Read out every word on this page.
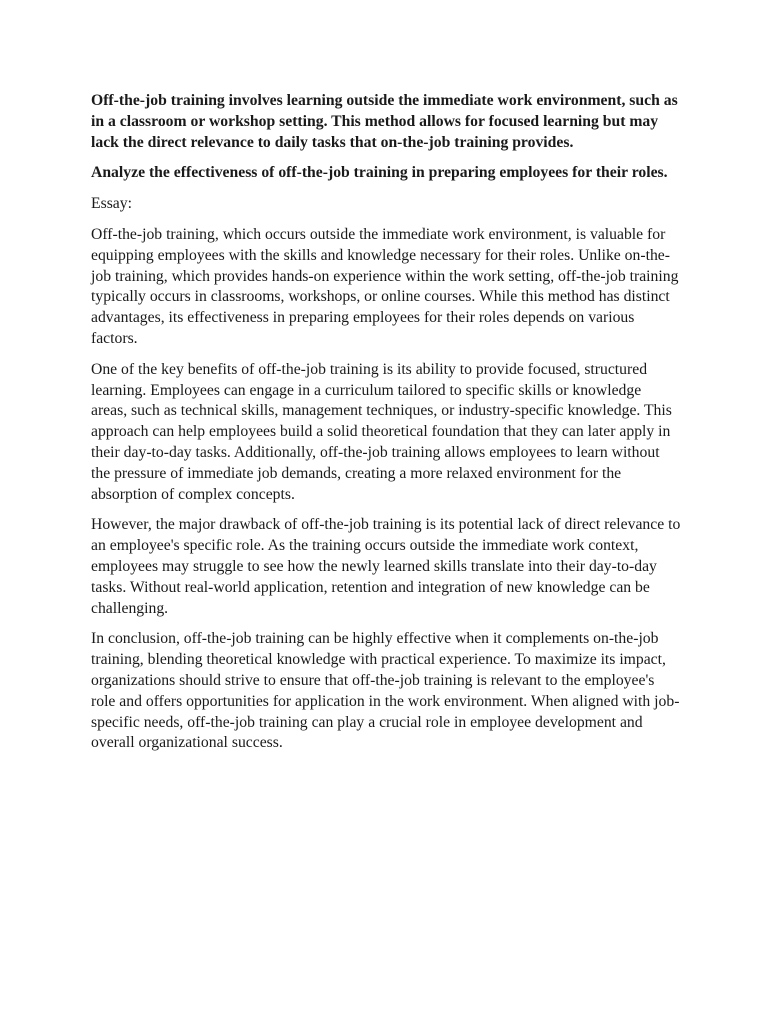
Off-the-job training involves learning outside the immediate work environment, such as in a classroom or workshop setting. This method allows for focused learning but may lack the direct relevance to daily tasks that on-the-job training provides.

Analyze the effectiveness of off-the-job training in preparing employees for their roles.

Essay:

Off-the-job training, which occurs outside the immediate work environment, is valuable for equipping employees with the skills and knowledge necessary for their roles. Unlike on-the-job training, which provides hands-on experience within the work setting, off-the-job training typically occurs in classrooms, workshops, or online courses. While this method has distinct advantages, its effectiveness in preparing employees for their roles depends on various factors.

One of the key benefits of off-the-job training is its ability to provide focused, structured learning. Employees can engage in a curriculum tailored to specific skills or knowledge areas, such as technical skills, management techniques, or industry-specific knowledge. This approach can help employees build a solid theoretical foundation that they can later apply in their day-to-day tasks. Additionally, off-the-job training allows employees to learn without the pressure of immediate job demands, creating a more relaxed environment for the absorption of complex concepts.

However, the major drawback of off-the-job training is its potential lack of direct relevance to an employee's specific role. As the training occurs outside the immediate work context, employees may struggle to see how the newly learned skills translate into their day-to-day tasks. Without real-world application, retention and integration of new knowledge can be challenging.

In conclusion, off-the-job training can be highly effective when it complements on-the-job training, blending theoretical knowledge with practical experience. To maximize its impact, organizations should strive to ensure that off-the-job training is relevant to the employee's role and offers opportunities for application in the work environment. When aligned with job-specific needs, off-the-job training can play a crucial role in employee development and overall organizational success.
